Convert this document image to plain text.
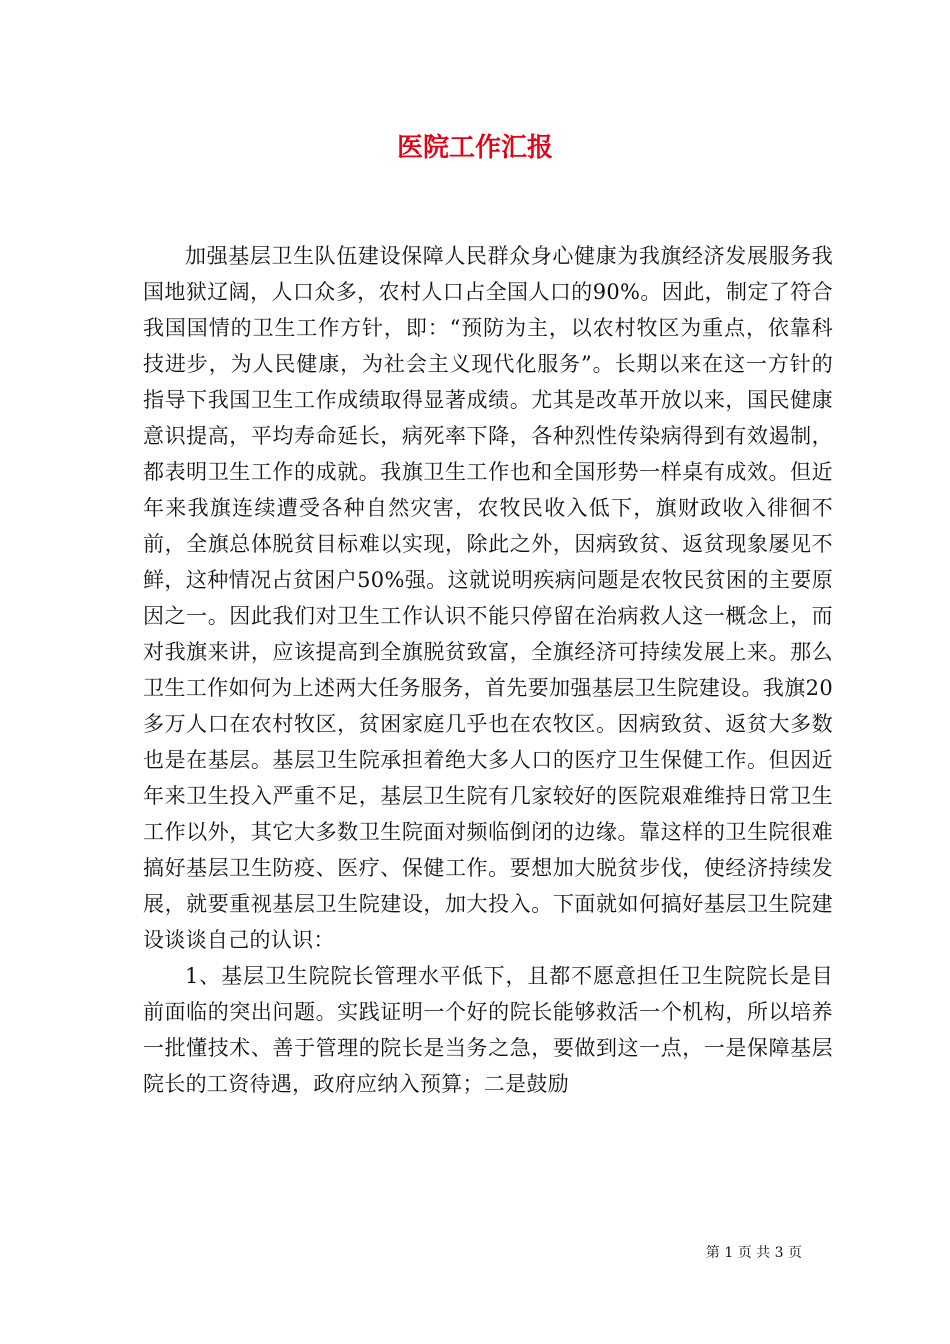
医院工作汇报

加强基层卫生队伍建设保障人民群众身心健康为我旗经济发展服务我国地狱辽阔，人口众多，农村人口占全国人口的90%。因此，制定了符合我国国情的卫生工作方针，即：“预防为主，以农村牧区为重点，依靠科技进步，为人民健康，为社会主义现代化服务”。长期以来在这一方针的指导下我国卫生工作成绩取得显著成绩。尤其是改革开放以来，国民健康意识提高，平均寿命延长，病死率下降，各种烈性传染病得到有效遏制，都表明卫生工作的成就。我旗卫生工作也和全国形势一样桌有成效。但近年来我旗连续遭受各种自然灾害，农牧民收入低下，旗财政收入徘徊不前，全旗总体脱贫目标难以实现，除此之外，因病致贫、返贫现象屡见不鲜，这种情况占贫困户50%强。这就说明疾病问题是农牧民贫困的主要原因之一。因此我们对卫生工作认识不能只停留在治病救人这一概念上，而对我旗来讲，应该提高到全旗脱贫致富，全旗经济可持续发展上来。那么卫生工作如何为上述两大任务服务，首先要加强基层卫生院建设。我旗20多万人口在农村牧区，贫困家庭几乎也在农牧区。因病致贫、返贫大多数也是在基层。基层卫生院承担着绝大多人口的医疗卫生保健工作。但因近年来卫生投入严重不足，基层卫生院有几家较好的医院艰难维持日常卫生工作以外，其它大多数卫生院面对频临倒闭的边缘。靠这样的卫生院很难搞好基层卫生防疫、医疗、保健工作。要想加大脱贫步伐，使经济持续发展，就要重视基层卫生院建设，加大投入。下面就如何搞好基层卫生院建设谈谈自己的认识：

1、基层卫生院院长管理水平低下，且都不愿意担任卫生院院长是目前面临的突出问题。实践证明一个好的院长能够救活一个机构，所以培养一批懂技术、善于管理的院长是当务之急，要做到这一点，一是保障基层院长的工资待遇，政府应纳入预算；二是鼓励

第 1 页 共 3 页
